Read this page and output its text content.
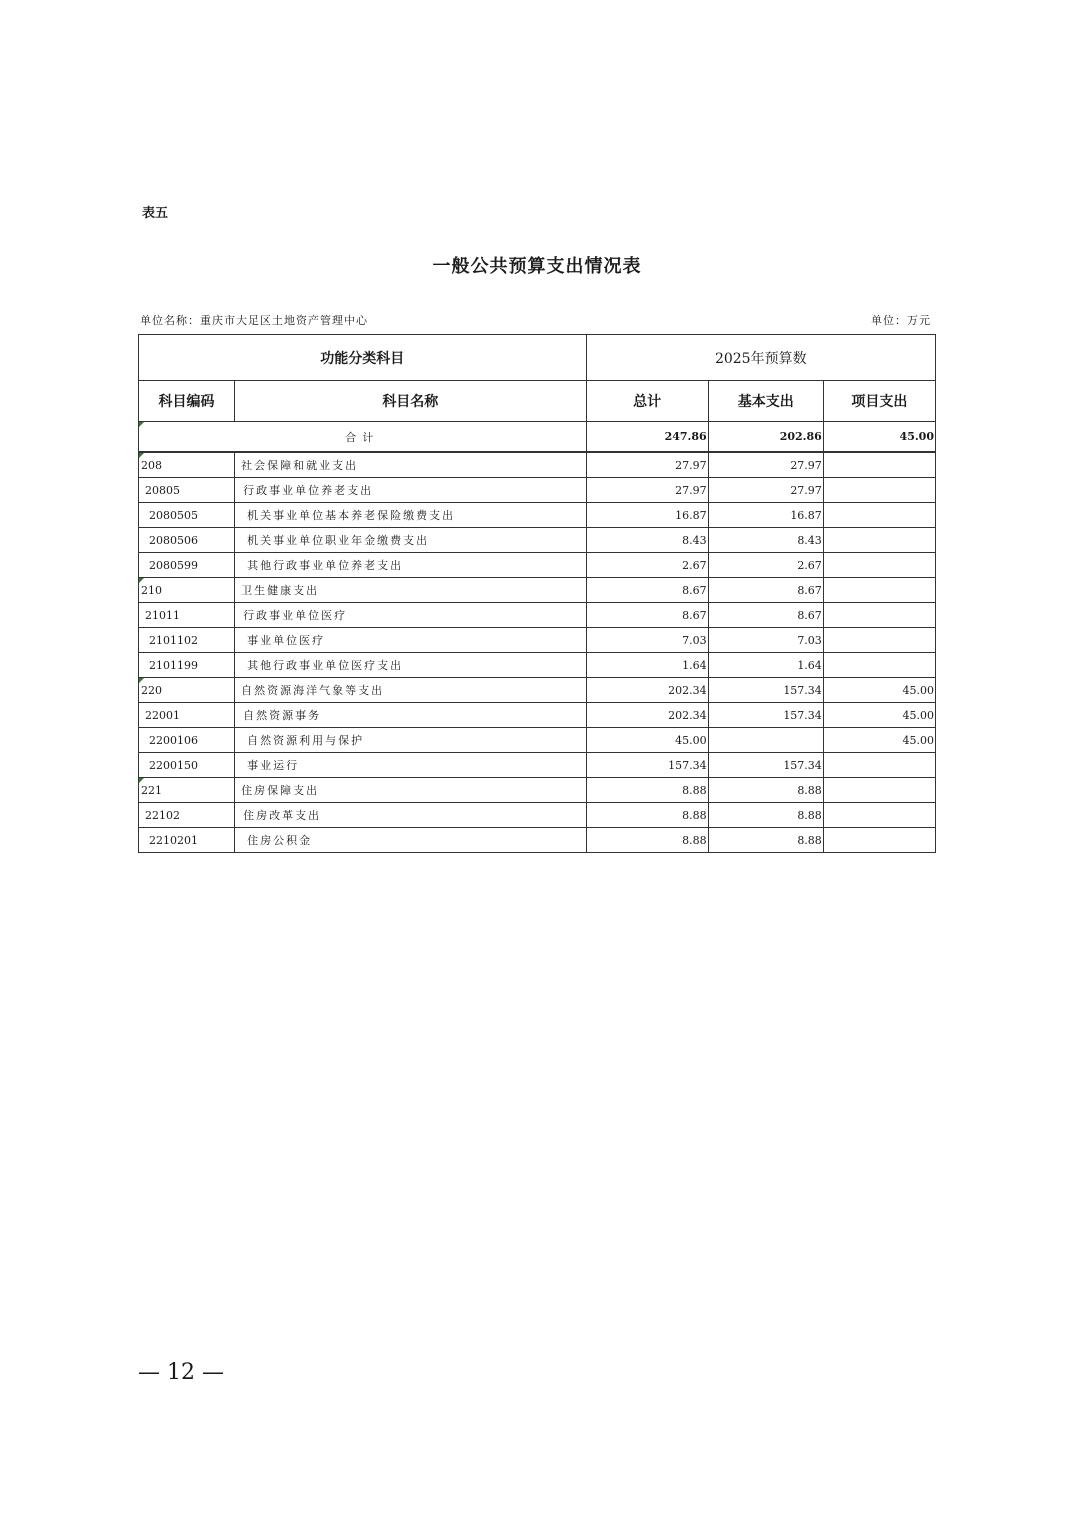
表五
一般公共预算支出情况表
单位名称：重庆市大足区土地资产管理中心	单位：万元
功能分类科目		2025年预算数		
科目编码	科目名称	总计	基本支出	项目支出
合计		247.86	202.86	45.00
208	社会保障和就业支出	27.97	27.97	
20805	行政事业单位养老支出	27.97	27.97	
2080505	机关事业单位基本养老保险缴费支出	16.87	16.87	
2080506	机关事业单位职业年金缴费支出	8.43	8.43	
2080599	其他行政事业单位养老支出	2.67	2.67	
210	卫生健康支出	8.67	8.67	
21011	行政事业单位医疗	8.67	8.67	
2101102	事业单位医疗	7.03	7.03	
2101199	其他行政事业单位医疗支出	1.64	1.64	
220	自然资源海洋气象等支出	202.34	157.34	45.00
22001	自然资源事务	202.34	157.34	45.00
2200106	自然资源利用与保护	45.00		45.00
2200150	事业运行	157.34	157.34	
221	住房保障支出	8.88	8.88	
22102	住房改革支出	8.88	8.88	
2210201	住房公积金	8.88	8.88	
— 12 —
